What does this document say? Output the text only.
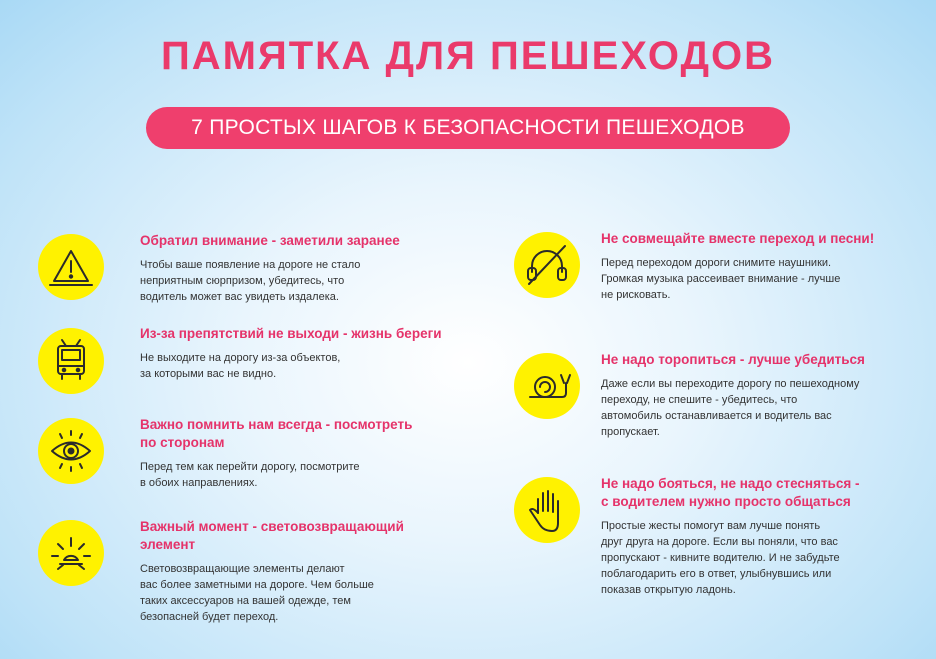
ПАМЯТКА ДЛЯ ПЕШЕХОДОВ
7 ПРОСТЫХ ШАГОВ К БЕЗОПАСНОСТИ ПЕШЕХОДОВ
Обратил внимание - заметили заранее

Чтобы ваше появление на дороге не стало
неприятным сюрпризом, убедитесь, что
водитель может вас увидеть издалека.

Из-за препятствий не выходи - жизнь береги

Не выходите на дорогу из-за объектов,
за которыми вас не видно.

Важно помнить нам всегда - посмотреть
по сторонам

Перед тем как перейти дорогу, посмотрите
в обоих направлениях.

Важный момент - световозвращающий
элемент

Световозвращающие элементы делают
вас более заметными на дороге. Чем больше
таких аксессуаров на вашей одежде, тем
безопасней будет переход.

Не совмещайте вместе переход и песни!

Перед переходом дороги снимите наушники.
Громкая музыка рассеивает внимание - лучше
не рисковать.

Не надо торопиться - лучше убедиться

Даже если вы переходите дорогу по пешеходному
переходу, не спешите - убедитесь, что
автомобиль останавливается и водитель вас
пропускает.

Не надо бояться, не надо стесняться -
с водителем нужно просто общаться

Простые жесты помогут вам лучше понять
друг друга на дороге. Если вы поняли, что вас
пропускают - кивните водителю. И не забудьте
поблагодарить его в ответ, улыбнувшись или
показав открытую ладонь.
